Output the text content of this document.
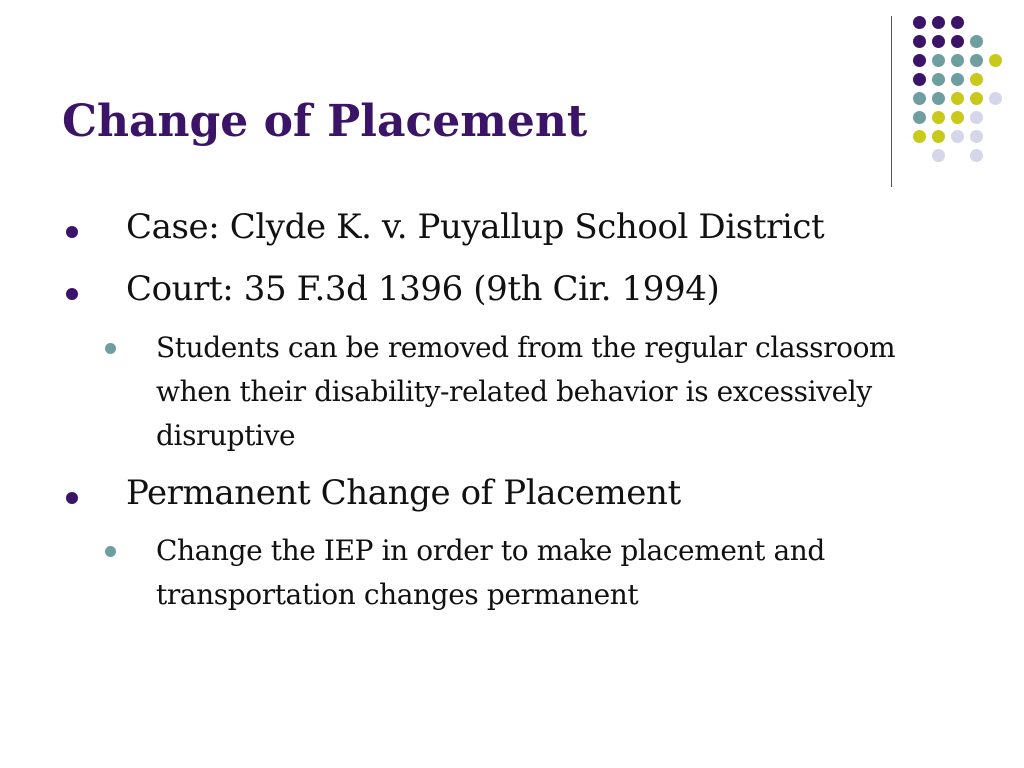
Change of Placement
Case: Clyde K. v. Puyallup School District
Court: 35 F.3d 1396 (9th Cir. 1994)
Students can be removed from the regular classroom when their disability-related behavior is excessively disruptive
Permanent Change of Placement
Change the IEP in order to make placement and transportation changes permanent
